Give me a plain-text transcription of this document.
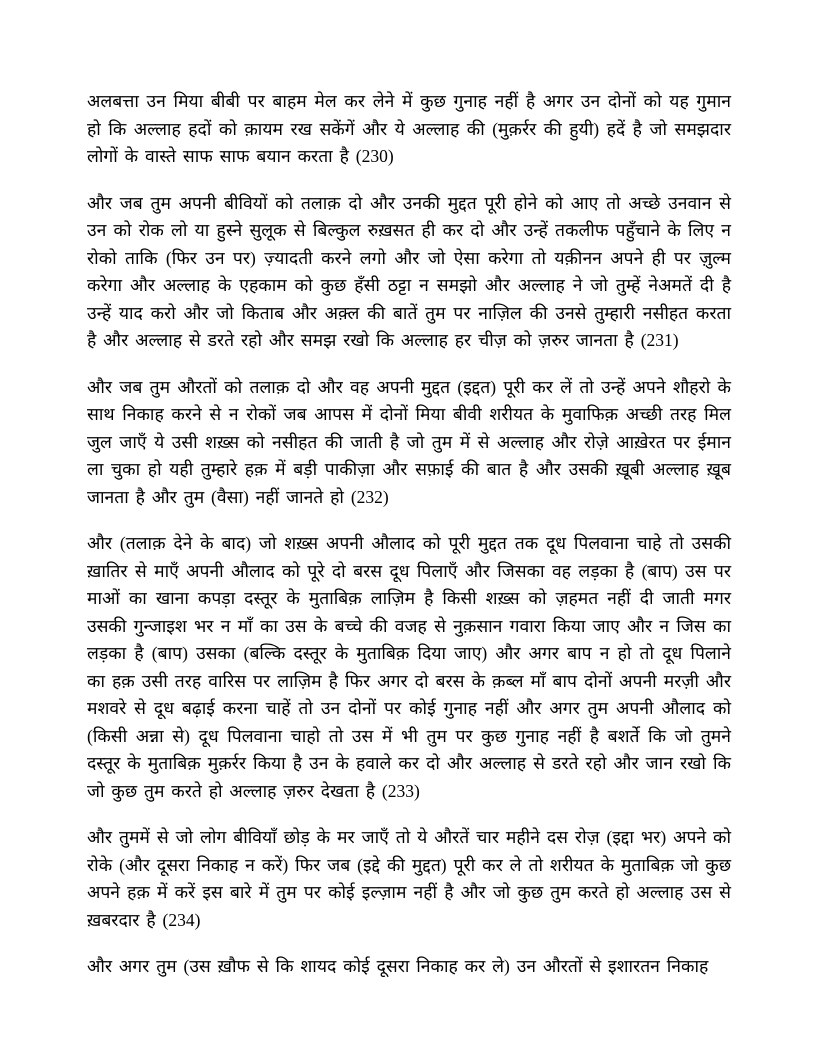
अलबत्ता उन मिया बीबी पर बाहम मेल कर लेने में कुछ गुनाह नहीं है अगर उन दोनों को यह गुमान हो कि अल्लाह हदों को क़ायम रख सकेंगें और ये अल्लाह की (मुक़र्रर की हुयी) हदें है जो समझदार लोगों के वास्ते साफ साफ बयान करता है (230)

और जब तुम अपनी बीवियों को तलाक़ दो और उनकी मुद्दत पूरी होने को आए तो अच्छे उनवान से उन को रोक लो या हुस्ने सुलूक से बिल्कुल रुख़सत ही कर दो और उन्हें तकलीफ पहुँचाने के लिए न रोको ताकि (फिर उन पर) ज़्यादती करने लगो और जो ऐसा करेगा तो यक़ीनन अपने ही पर ज़ुल्म करेगा और अल्लाह के एहकाम को कुछ हँसी ठट्टा न समझो और अल्लाह ने जो तुम्हें नेअमतें दी है उन्हें याद करो और जो किताब और अक़्ल की बातें तुम पर नाज़िल की उनसे तुम्हारी नसीहत करता है और अल्लाह से डरते रहो और समझ रखो कि अल्लाह हर चीज़ को ज़रुर जानता है (231)

और जब तुम औरतों को तलाक़ दो और वह अपनी मुद्दत (इद्दत) पूरी कर लें तो उन्हें अपने शौहरो के साथ निकाह करने से न रोकों जब आपस में दोनों मिया बीवी शरीयत के मुवाफिक़ अच्छी तरह मिल जुल जाएँ ये उसी शख़्स को नसीहत की जाती है जो तुम में से अल्लाह और रोज़े आख़ेरत पर ईमान ला चुका हो यही तुम्हारे हक़ में बड़ी पाकीज़ा और सफ़ाई की बात है और उसकी ख़ूबी अल्लाह ख़ूब जानता है और तुम (वैसा) नहीं जानते हो (232)

और (तलाक़ देने के बाद) जो शख़्स अपनी औलाद को पूरी मुद्दत तक दूध पिलवाना चाहे तो उसकी ख़ातिर से माएँ अपनी औलाद को पूरे दो बरस दूध पिलाएँ और जिसका वह लड़का है (बाप) उस पर माओं का खाना कपड़ा दस्तूर के मुताबिक़ लाज़िम है किसी शख़्स को ज़हमत नहीं दी जाती मगर उसकी गुन्जाइश भर न माँ का उस के बच्चे की वजह से नुक़सान गवारा किया जाए और न जिस का लड़का है (बाप) उसका (बल्कि दस्तूर के मुताबिक़ दिया जाए) और अगर बाप न हो तो दूध पिलाने का हक़ उसी तरह वारिस पर लाज़िम है फिर अगर दो बरस के क़ब्ल माँ बाप दोनों अपनी मरज़ी और मशवरे से दूध बढ़ाई करना चाहें तो उन दोनों पर कोई गुनाह नहीं और अगर तुम अपनी औलाद को (किसी अन्ना से) दूध पिलवाना चाहो तो उस में भी तुम पर कुछ गुनाह नहीं है बशर्ते कि जो तुमने दस्तूर के मुताबिक़ मुक़र्रर किया है उन के हवाले कर दो और अल्लाह से डरते रहो और जान रखो कि जो कुछ तुम करते हो अल्लाह ज़रुर देखता है (233)

और तुममें से जो लोग बीवियाँ छोड़ के मर जाएँ तो ये औरतें चार महीने दस रोज़ (इद्दा भर) अपने को रोके (और दूसरा निकाह न करें) फिर जब (इद्दे की मुद्दत) पूरी कर ले तो शरीयत के मुताबिक़ जो कुछ अपने हक़ में करें इस बारे में तुम पर कोई इल्ज़ाम नहीं है और जो कुछ तुम करते हो अल्लाह उस से ख़बरदार है (234)

और अगर तुम (उस ख़ौफ से कि शायद कोई दूसरा निकाह कर ले) उन औरतों से इशारतन निकाह
